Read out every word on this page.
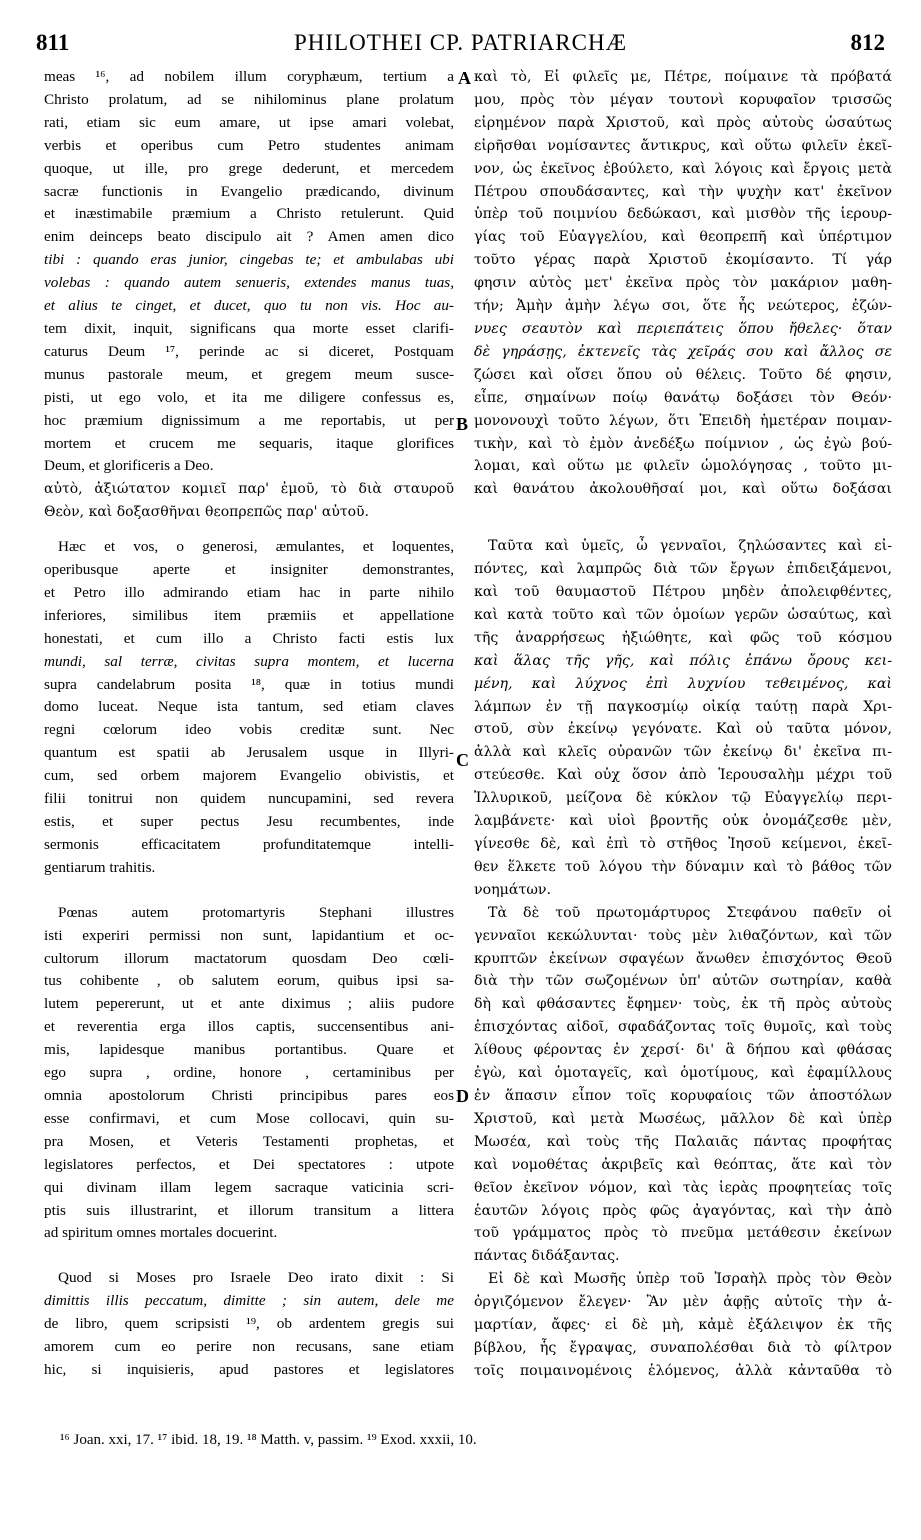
811	PHILOTHEI CP. PATRIARCHÆ	812
A
B
C
D
meas ¹⁶, ad nobilem illum coryphæum, tertium a
Christo prolatum, ad se nihilominus plane prolatum
rati, etiam sic eum amare, ut ipse amari volebat,
verbis et operibus cum Petro studentes animam
quoque, ut ille, pro grege dederunt, et mercedem
sacræ functionis in Evangelio prædicando, divinum
et inæstimabile præmium a Christo retulerunt. Quid
enim deinceps beato discipulo ait ? Amen amen dico
tibi : quando eras junior, cingebas te; et ambulabas ubi
volebas : quando autem senueris, extendes manus tuas,
et alius te cinget, et ducet, quo tu non vis. Hoc au-
tem dixit, inquit, significans qua morte esset clarifi-
caturus Deum ¹⁷, perinde ac si diceret, Postquam
munus pastorale meum, et gregem meum susce-
pisti, ut ego volo, et ita me diligere confessus es,
hoc præmium dignissimum a me reportabis, ut per
mortem et crucem me sequaris, itaque glorifices
Deum, et glorificeris a Deo.
αὐτὸ, ἀξιώτατον κομιεῖ παρ' ἐμοῦ, τὸ διὰ σταυροῦ
Θεὸν, καὶ δοξασθῆναι θεοπρεπῶς παρ' αὐτοῦ.
Hæc et vos, o generosi, æmulantes, et loquentes,
operibusque aperte et insigniter demonstrantes,
et Petro illo admirando etiam hac in parte nihilo
inferiores, similibus item præmiis et appellatione
honestati, et cum illo a Christo facti estis lux
mundi, sal terræ, civitas supra montem, et lucerna
supra candelabrum posita ¹⁸, quæ in totius mundi
domo luceat. Neque ista tantum, sed etiam claves
regni cœlorum ideo vobis creditæ sunt. Nec
quantum est spatii ab Jerusalem usque in Illyri-
cum, sed orbem majorem Evangelio obivistis, et
filii tonitrui non quidem nuncupamini, sed revera
estis, et super pectus Jesu recumbentes, inde
sermonis efficacitatem profunditatemque intelli-
gentiarum trahitis.
Pœnas autem protomartyris Stephani illustres
isti experiri permissi non sunt, lapidantium et oc-
cultorum illorum mactatorum quosdam Deo cœli-
tus cohibente , ob salutem eorum, quibus ipsi sa-
lutem pepererunt, ut et ante diximus ; aliis pudore
et reverentia erga illos captis, succensentibus ani-
mis, lapidesque manibus portantibus. Quare et
ego supra , ordine, honore , certaminibus per
omnia apostolorum Christi principibus pares eos
esse confirmavi, et cum Mose collocavi, quin su-
pra Mosen, et Veteris Testamenti prophetas, et
legislatores perfectos, et Dei spectatores : utpote
qui divinam illam legem sacraque vaticinia scri-
ptis suis illustrarint, et illorum transitum a littera
ad spiritum omnes mortales docuerint.
Quod si Moses pro Israele Deo irato dixit : Si
dimittis illis peccatum, dimitte ; sin autem, dele me
de libro, quem scripsisti ¹⁹, ob ardentem gregis sui
amorem cum eo perire non recusans, sane etiam
hic, si inquisieris, apud pastores et legislatores
καὶ τὸ, Εἰ φιλεῖς με, Πέτρε, ποίμαινε τὰ πρόβατά
μου, πρὸς τὸν μέγαν τουτονὶ κορυφαῖον τρισσῶς
εἰρημένον παρὰ Χριστοῦ, καὶ πρὸς αὐτοὺς ὡσαύτως
εἰρῆσθαι νομίσαντες ἄντικρυς, καὶ οὕτω φιλεῖν ἐκεῖ-
νον, ὡς ἐκεῖνος ἐβούλετο, καὶ λόγοις καὶ ἔργοις μετὰ
Πέτρου σπουδάσαντες, καὶ τὴν ψυχὴν κατ' ἐκεῖνον
ὑπὲρ τοῦ ποιμνίου δεδώκασι, καὶ μισθὸν τῆς ἱερουρ-
γίας τοῦ Εὐαγγελίου, καὶ θεοπρεπῆ καὶ ὑπέρτιμον
τοῦτο γέρας παρὰ Χριστοῦ ἐκομίσαντο. Τί γάρ
φησιν αὐτὸς μετ' ἐκεῖνα πρὸς τὸν μακάριον μαθη-
τήν; Ἀμὴν ἀμὴν λέγω σοι, ὅτε ἦς νεώτερος, ἐζών-
νυες σεαυτὸν καὶ περιεπάτεις ὅπου ἤθελες· ὅταν
δὲ γηράσῃς, ἐκτενεῖς τὰς χεῖράς σου καὶ ἄλλος σε
ζώσει καὶ οἴσει ὅπου οὐ θέλεις. Τοῦτο δέ φησιν,
εἶπε, σημαίνων ποίῳ θανάτῳ δοξάσει τὸν Θεόν·
μονονουχὶ τοῦτο λέγων, ὅτι Ἐπειδὴ ἡμετέραν ποιμαν-
τικὴν, καὶ τὸ ἐμὸν ἀνεδέξω ποίμνιον , ὡς ἐγὼ βού-
λομαι, καὶ οὕτω με φιλεῖν ὡμολόγησας , τοῦτο μι-
καὶ θανάτου ἀκολουθῆσαί μοι, καὶ οὕτω δοξάσαι
Ταῦτα καὶ ὑμεῖς, ὦ γενναῖοι, ζηλώσαντες καὶ εἰ-
πόντες, καὶ λαμπρῶς διὰ τῶν ἔργων ἐπιδειξάμενοι,
καὶ τοῦ θαυμαστοῦ Πέτρου μηδὲν ἀπολειφθέντες,
καὶ κατὰ τοῦτο καὶ τῶν ὁμοίων γερῶν ὡσαύτως, καὶ
τῆς ἀναρρήσεως ἠξιώθητε, καὶ φῶς τοῦ κόσμου
καὶ ἅλας τῆς γῆς, καὶ πόλις ἐπάνω ὄρους κει-
μένη, καὶ λύχνος ἐπὶ λυχνίου τεθειμένος, καὶ
λάμπων ἐν τῇ παγκοσμίῳ οἰκίᾳ ταύτῃ παρὰ Χρι-
στοῦ, σὺν ἐκείνῳ γεγόνατε. Καὶ οὐ ταῦτα μόνον,
ἀλλὰ καὶ κλεῖς οὐρανῶν τῶν ἐκείνῳ δι' ἐκεῖνα πι-
στεύεσθε. Καὶ οὐχ ὅσον ἀπὸ Ἱερουσαλὴμ μέχρι τοῦ
Ἰλλυρικοῦ, μείζονα δὲ κύκλον τῷ Εὐαγγελίῳ περι-
λαμβάνετε· καὶ υἱοὶ βροντῆς οὐκ ὀνομάζεσθε μὲν,
γίνεσθε δὲ, καὶ ἐπὶ τὸ στῆθος Ἰησοῦ κείμενοι, ἐκεῖ-
θεν ἕλκετε τοῦ λόγου τὴν δύναμιν καὶ τὸ βάθος τῶν
νοημάτων.
Τὰ δὲ τοῦ πρωτομάρτυρος Στεφάνου παθεῖν οἱ
γενναῖοι κεκώλυνται· τοὺς μὲν λιθαζόντων, καὶ τῶν
κρυπτῶν ἐκείνων σφαγέων ἄνωθεν ἐπισχόντος Θεοῦ
διὰ τὴν τῶν σωζομένων ὑπ' αὐτῶν σωτηρίαν, καθὰ
δὴ καὶ φθάσαντες ἔφημεν· τοὺς, ἐκ τῆ πρὸς αὐτοὺς
ἐπισχόντας αἰδοῖ, σφαδάζοντας τοῖς θυμοῖς, καὶ τοὺς
λίθους φέροντας ἐν χερσί· δι' ἃ δήπου καὶ φθάσας
ἐγὼ, καὶ ὁμοταγεῖς, καὶ ὁμοτίμους, καὶ ἐφαμίλλους
ἐν ἅπασιν εἶπον τοῖς κορυφαίοις τῶν ἀποστόλων
Χριστοῦ, καὶ μετὰ Μωσέως, μᾶλλον δὲ καὶ ὑπὲρ
Μωσέα, καὶ τοὺς τῆς Παλαιᾶς πάντας προφήτας
καὶ νομοθέτας ἀκριβεῖς καὶ θεόπτας, ἅτε καὶ τὸν
θεῖον ἐκεῖνον νόμον, καὶ τὰς ἱερὰς προφητείας τοῖς
ἑαυτῶν λόγοις πρὸς φῶς ἀγαγόντας, καὶ τὴν ἀπὸ
τοῦ γράμματος πρὸς τὸ πνεῦμα μετάθεσιν ἐκείνων
πάντας διδάξαντας.
Εἰ δὲ καὶ Μωσῆς ὑπὲρ τοῦ Ἰσραὴλ πρὸς τὸν Θεὸν
ὀργιζόμενον ἔλεγεν· Ἂν μὲν ἀφῇς αὐτοῖς τὴν ἁ-
μαρτίαν, ἄφες· εἰ δὲ μὴ, κἀμὲ ἐξάλειψον ἐκ τῆς
βίβλου, ἧς ἔγραψας, συναπολέσθαι διὰ τὸ φίλτρον
τοῖς ποιμαινομένοις ἑλόμενος, ἀλλὰ κἀνταῦθα τὸ
¹⁶ Joan. xxi, 17. ¹⁷ ibid. 18, 19. ¹⁸ Matth. v, passim. ¹⁹ Exod. xxxii, 10.
